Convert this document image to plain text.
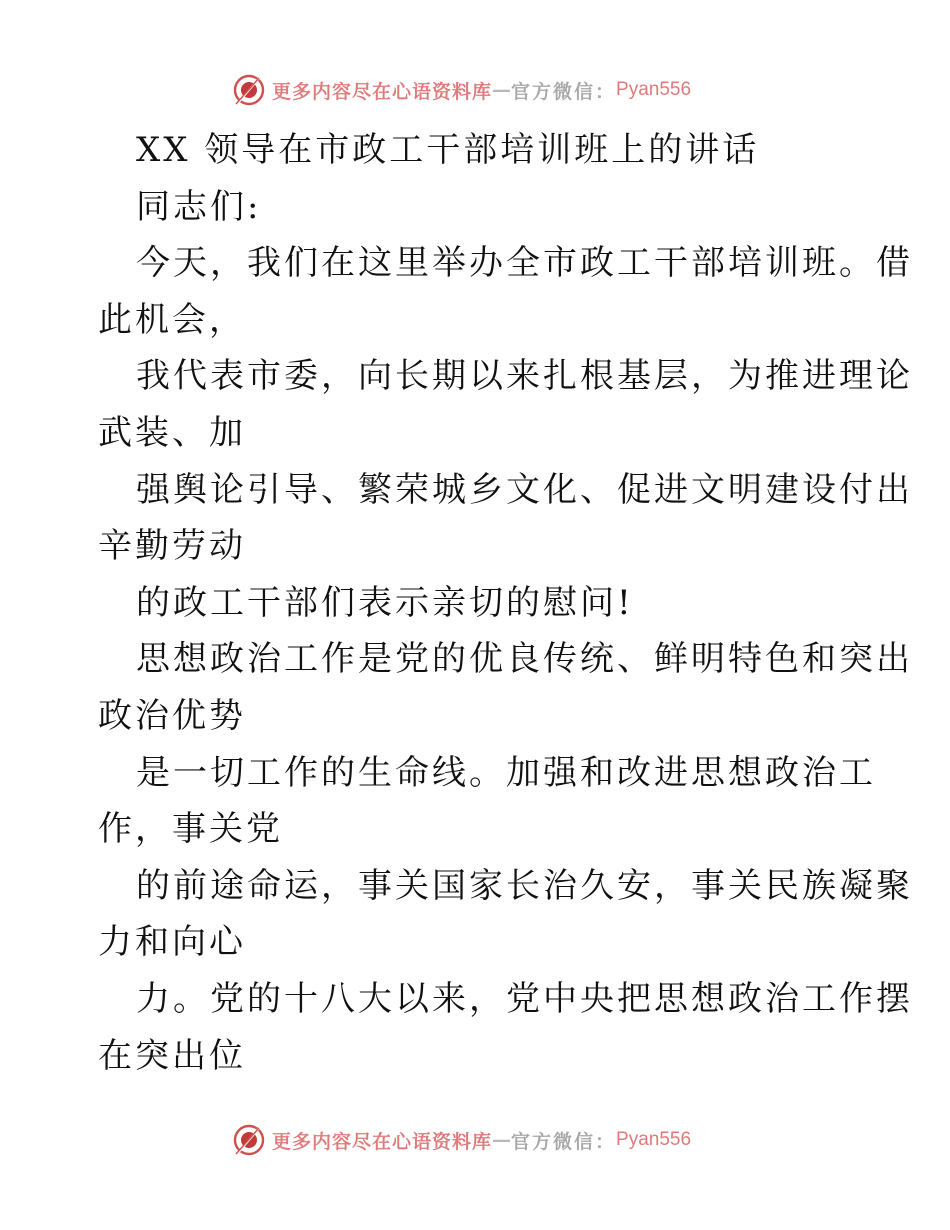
更多内容尽在心语资料库 — 官方微信： Pyan556
XX 领导在市政工干部培训班上的讲话
同志们:
今天，我们在这里举办全市政工干部培训班。借
此机会，
我代表市委，向长期以来扎根基层，为推进理论
武装、加
强舆论引导、繁荣城乡文化、促进文明建设付出
辛勤劳动
的政工干部们表示亲切的慰问!
思想政治工作是党的优良传统、鲜明特色和突出
政治优势
是一切工作的生命线。加强和改进思想政治工
作，事关党
的前途命运，事关国家长治久安，事关民族凝聚
力和向心
力。党的十八大以来，党中央把思想政治工作摆
在突出位
更多内容尽在心语资料库 — 官方微信： Pyan556
